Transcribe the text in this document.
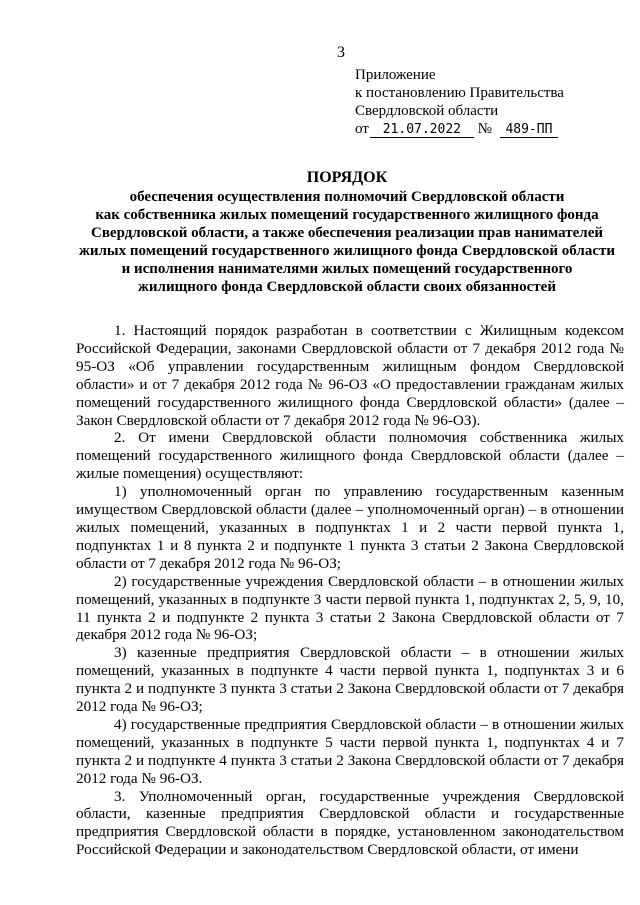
3
Приложение
к постановлению Правительства
Свердловской области
от 21.07.2022 № 489-ПП
ПОРЯДОК
обеспечения осуществления полномочий Свердловской области
как собственника жилых помещений государственного жилищного фонда
Свердловской области, а также обеспечения реализации прав нанимателей
жилых помещений государственного жилищного фонда Свердловской области
и исполнения нанимателями жилых помещений государственного
жилищного фонда Свердловской области своих обязанностей

1. Настоящий порядок разработан в соответствии с Жилищным кодексом Российской Федерации, законами Свердловской области от 7 декабря 2012 года № 95-ОЗ «Об управлении государственным жилищным фондом Свердловской области» и от 7 декабря 2012 года № 96-ОЗ «О предоставлении гражданам жилых помещений государственного жилищного фонда Свердловской области» (далее – Закон Свердловской области от 7 декабря 2012 года № 96-ОЗ).

2. От имени Свердловской области полномочия собственника жилых помещений государственного жилищного фонда Свердловской области (далее – жилые помещения) осуществляют:

1) уполномоченный орган по управлению государственным казенным имуществом Свердловской области (далее – уполномоченный орган) – в отношении жилых помещений, указанных в подпунктах 1 и 2 части первой пункта 1, подпунктах 1 и 8 пункта 2 и подпункте 1 пункта 3 статьи 2 Закона Свердловской области от 7 декабря 2012 года № 96-ОЗ;

2) государственные учреждения Свердловской области – в отношении жилых помещений, указанных в подпункте 3 части первой пункта 1, подпунктах 2, 5, 9, 10, 11 пункта 2 и подпункте 2 пункта 3 статьи 2 Закона Свердловской области от 7 декабря 2012 года № 96-ОЗ;

3) казенные предприятия Свердловской области – в отношении жилых помещений, указанных в подпункте 4 части первой пункта 1, подпунктах 3 и 6 пункта 2 и подпункте 3 пункта 3 статьи 2 Закона Свердловской области от 7 декабря 2012 года № 96-ОЗ;

4) государственные предприятия Свердловской области – в отношении жилых помещений, указанных в подпункте 5 части первой пункта 1, подпунктах 4 и 7 пункта 2 и подпункте 4 пункта 3 статьи 2 Закона Свердловской области от 7 декабря 2012 года № 96-ОЗ.

3. Уполномоченный орган, государственные учреждения Свердловской области, казенные предприятия Свердловской области и государственные предприятия Свердловской области в порядке, установленном законодательством Российской Федерации и законодательством Свердловской области, от имени
